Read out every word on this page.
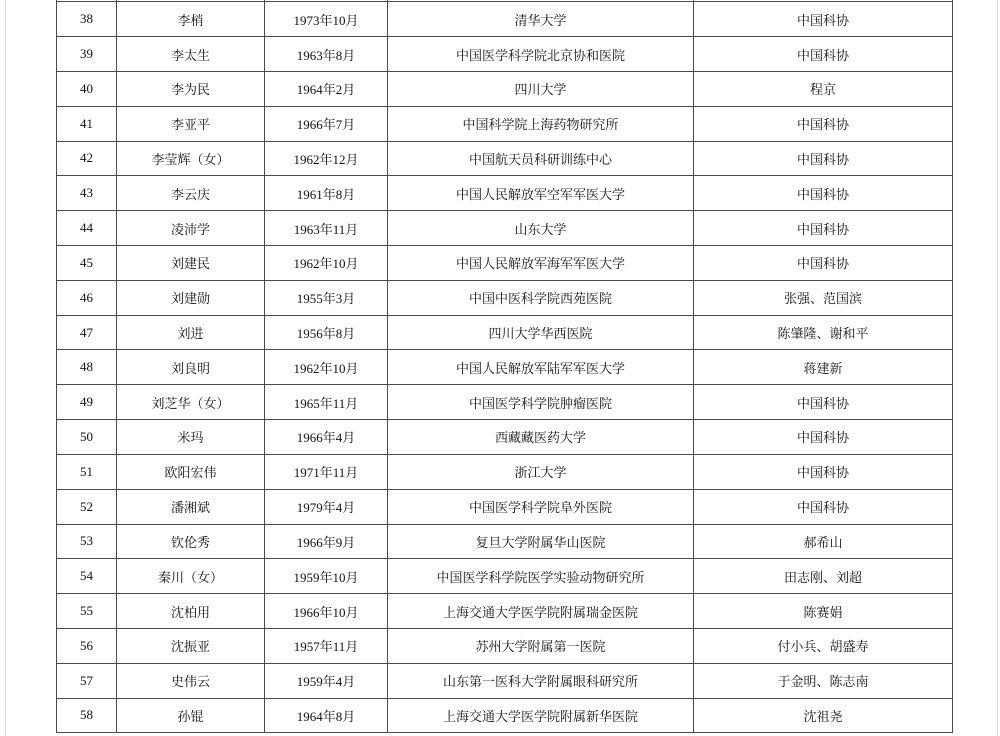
38	李梢	1973年10月	清华大学	中国科协
39	李太生	1963年8月	中国医学科学院北京协和医院	中国科协
40	李为民	1964年2月	四川大学	程京
41	李亚平	1966年7月	中国科学院上海药物研究所	中国科协
42	李莹辉（女）	1962年12月	中国航天员科研训练中心	中国科协
43	李云庆	1961年8月	中国人民解放军空军军医大学	中国科协
44	凌沛学	1963年11月	山东大学	中国科协
45	刘建民	1962年10月	中国人民解放军海军军医大学	中国科协
46	刘建勋	1955年3月	中国中医科学院西苑医院	张强、范国滨
47	刘进	1956年8月	四川大学华西医院	陈肇隆、谢和平
48	刘良明	1962年10月	中国人民解放军陆军军医大学	蒋建新
49	刘芝华（女）	1965年11月	中国医学科学院肿瘤医院	中国科协
50	米玛	1966年4月	西藏藏医药大学	中国科协
51	欧阳宏伟	1971年11月	浙江大学	中国科协
52	潘湘斌	1979年4月	中国医学科学院阜外医院	中国科协
53	钦伦秀	1966年9月	复旦大学附属华山医院	郝希山
54	秦川（女）	1959年10月	中国医学科学院医学实验动物研究所	田志刚、刘超
55	沈柏用	1966年10月	上海交通大学医学院附属瑞金医院	陈赛娟
56	沈振亚	1957年11月	苏州大学附属第一医院	付小兵、胡盛寿
57	史伟云	1959年4月	山东第一医科大学附属眼科研究所	于金明、陈志南
58	孙锟	1964年8月	上海交通大学医学院附属新华医院	沈祖尧
